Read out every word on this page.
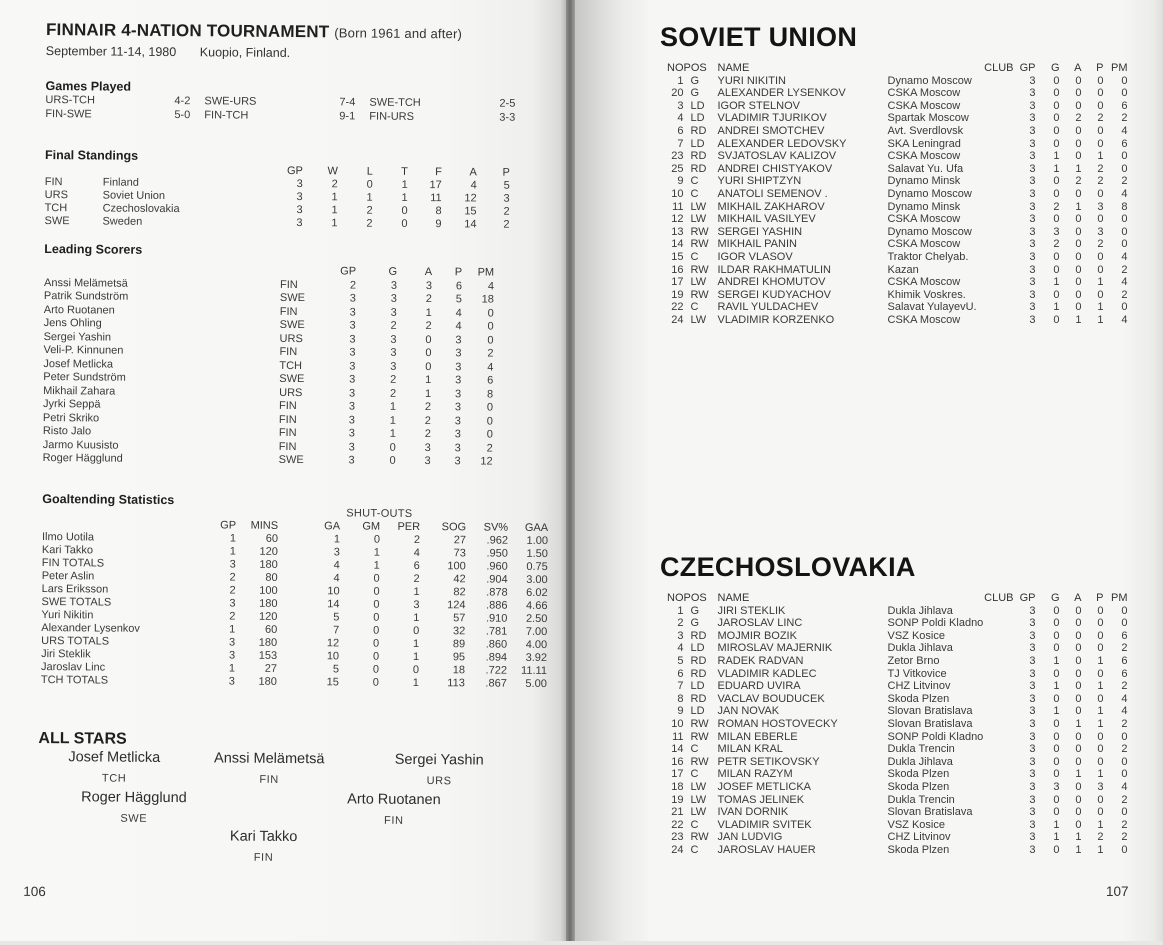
FINNAIR 4-NATION TOURNAMENT (Born 1961 and after)
September 11-14, 1980 Kuopio, Finland.
Games Played
URS-TCH	4-2	SWE-URS	7-4	SWE-TCH	2-5
FIN-SWE	5-0	FIN-TCH	9-1	FIN-URS	3-3
Final Standings
		GP	W	L	T	F	A	P
FIN	Finland	3	2	0	1	17	4	5
URS	Soviet Union	3	1	1	1	11	12	3
TCH	Czechoslovakia	3	1	2	0	8	15	2
SWE	Sweden	3	1	2	0	9	14	2
Leading Scorers
		GP	G	A	P	PM
Anssi Melämetsä	FIN	2	3	3	6	4
Patrik Sundström	SWE	3	3	2	5	18
Arto Ruotanen	FIN	3	3	1	4	0
Jens Ohling	SWE	3	2	2	4	0
Sergei Yashin	URS	3	3	0	3	0
Veli-P. Kinnunen	FIN	3	3	0	3	2
Josef Metlicka	TCH	3	3	0	3	4
Peter Sundström	SWE	3	2	1	3	6
Mikhail Zahara	URS	3	2	1	3	8
Jyrki Seppä	FIN	3	1	2	3	0
Petri Skriko	FIN	3	1	2	3	0
Risto Jalo	FIN	3	1	2	3	0
Jarmo Kuusisto	FIN	3	0	3	3	2
Roger Hägglund	SWE	3	0	3	3	12
Goaltending Statistics
SHUT-OUTS
	GP	MINS	GA	GM	PER	SOG	SV%	GAA
Ilmo Uotila	1	60	1	0	2	27	.962	1.00
Kari Takko	1	120	3	1	4	73	.950	1.50
FIN TOTALS	3	180	4	1	6	100	.960	0.75
Peter Aslin	2	80	4	0	2	42	.904	3.00
Lars Eriksson	2	100	10	0	1	82	.878	6.02
SWE TOTALS	3	180	14	0	3	124	.886	4.66
Yuri Nikitin	2	120	5	0	1	57	.910	2.50
Alexander Lysenkov	1	60	7	0	0	32	.781	7.00
URS TOTALS	3	180	12	0	1	89	.860	4.00
Jiri Steklik	3	153	10	0	1	95	.894	3.92
Jaroslav Linc	1	27	5	0	0	18	.722	11.11
TCH TOTALS	3	180	15	0	1	113	.867	5.00
ALL STARS
Josef Metlicka
TCH
Anssi Melämetsä
FIN
Sergei Yashin
URS
Roger Hägglund
SWE
Arto Ruotanen
FIN
Kari Takko
FIN
106
SOVIET UNION
NO	POS	NAME	CLUB	GP	G	A	P	PM
1	G	YURI NIKITIN	Dynamo Moscow	3	0	0	0	0
20	G	ALEXANDER LYSENKOV	CSKA Moscow	3	0	0	0	0
3	LD	IGOR STELNOV	CSKA Moscow	3	0	0	0	6
4	LD	VLADIMIR TJURIKOV	Spartak Moscow	3	0	2	2	2
6	RD	ANDREI SMOTCHEV	Avt. Sverdlovsk	3	0	0	0	4
7	LD	ALEXANDER LEDOVSKY	SKA Leningrad	3	0	0	0	6
23	RD	SVJATOSLAV KALIZOV	CSKA Moscow	3	1	0	1	0
25	RD	ANDREI CHISTYAKOV	Salavat Yu. Ufa	3	1	1	2	0
9	C	YURI SHIPTZYN	Dynamo Minsk	3	0	2	2	2
10	C	ANATOLI SEMENOV .	Dynamo Moscow	3	0	0	0	4
11	LW	MIKHAIL ZAKHAROV	Dynamo Minsk	3	2	1	3	8
12	LW	MIKHAIL VASILYEV	CSKA Moscow	3	0	0	0	0
13	RW	SERGEI YASHIN	Dynamo Moscow	3	3	0	3	0
14	RW	MIKHAIL PANIN	CSKA Moscow	3	2	0	2	0
15	C	IGOR VLASOV	Traktor Chelyab.	3	0	0	0	4
16	RW	ILDAR RAKHMATULIN	Kazan	3	0	0	0	2
17	LW	ANDREI KHOMUTOV	CSKA Moscow	3	1	0	1	4
19	RW	SERGEI KUDYACHOV	Khimik Voskres.	3	0	0	0	2
22	C	RAVIL YULDACHEV	Salavat YulayevU.	3	1	0	1	0
24	LW	VLADIMIR KORZENKO	CSKA Moscow	3	0	1	1	4
CZECHOSLOVAKIA
NO	POS	NAME	CLUB	GP	G	A	P	PM
1	G	JIRI STEKLIK	Dukla Jihlava	3	0	0	0	0
2	G	JAROSLAV LINC	SONP Poldi Kladno	3	0	0	0	0
3	RD	MOJMIR BOZIK	VSZ Kosice	3	0	0	0	6
4	LD	MIROSLAV MAJERNIK	Dukla Jihlava	3	0	0	0	2
5	RD	RADEK RADVAN	Zetor Brno	3	1	0	1	6
6	RD	VLADIMIR KADLEC	TJ Vitkovice	3	0	0	0	6
7	LD	EDUARD UVIRA	CHZ Litvinov	3	1	0	1	2
8	RD	VACLAV BOUDUCEK	Skoda Plzen	3	0	0	0	4
9	LD	JAN NOVAK	Slovan Bratislava	3	1	0	1	4
10	RW	ROMAN HOSTOVECKY	Slovan Bratislava	3	0	1	1	2
11	RW	MILAN EBERLE	SONP Poldi Kladno	3	0	0	0	0
14	C	MILAN KRAL	Dukla Trencin	3	0	0	0	2
16	RW	PETR SETIKOVSKY	Dukla Jihlava	3	0	0	0	0
17	C	MILAN RAZYM	Skoda Plzen	3	0	1	1	0
18	LW	JOSEF METLICKA	Skoda Plzen	3	3	0	3	4
19	LW	TOMAS JELINEK	Dukla Trencin	3	0	0	0	2
21	LW	IVAN DORNIK	Slovan Bratislava	3	0	0	0	0
22	C	VLADIMIR SVITEK	VSZ Kosice	3	1	0	1	2
23	RW	JAN LUDVIG	CHZ Litvinov	3	1	1	2	2
24	C	JAROSLAV HAUER	Skoda Plzen	3	0	1	1	0
107
